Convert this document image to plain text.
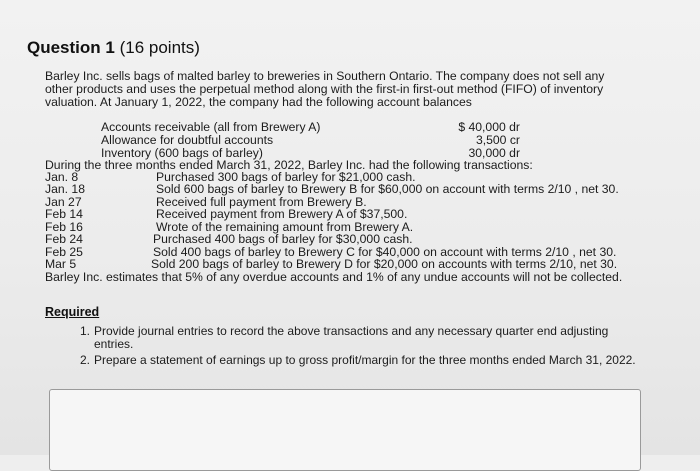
Question 1 (16 points)
Barley Inc. sells bags of malted barley to breweries in Southern Ontario. The company does not sell any
other products and uses the perpetual method along with the first-in first-out method (FIFO) of inventory
valuation. At January 1, 2022, the company had the following account balances
Accounts receivable (all from Brewery A)	$ 40,000 dr
Allowance for doubtful accounts	3,500 cr
Inventory (600 bags of barley)	30,000 dr
During the three months ended March 31, 2022, Barley Inc. had the following transactions:
Jan. 8	Purchased 300 bags of barley for $21,000 cash.
Jan. 18	Sold 600 bags of barley to Brewery B for $60,000 on account with terms 2/10 , net 30.
Jan 27	Received full payment from Brewery B.
Feb 14	Received payment from Brewery A of $37,500.
Feb 16	Wrote of the remaining amount from Brewery A.
Feb 24	Purchased 400 bags of barley for $30,000 cash.
Feb 25	Sold 400 bags of barley to Brewery C for $40,000 on account with terms 2/10 , net 30.
Mar 5	Sold 200 bags of barley to Brewery D for $20,000 on accounts with terms 2/10, net 30.
Barley Inc. estimates that 5% of any overdue accounts and 1% of any undue accounts will not be collected.
Required
1. Provide journal entries to record the above transactions and any necessary quarter end adjusting entries.
2. Prepare a statement of earnings up to gross profit/margin for the three months ended March 31, 2022.
